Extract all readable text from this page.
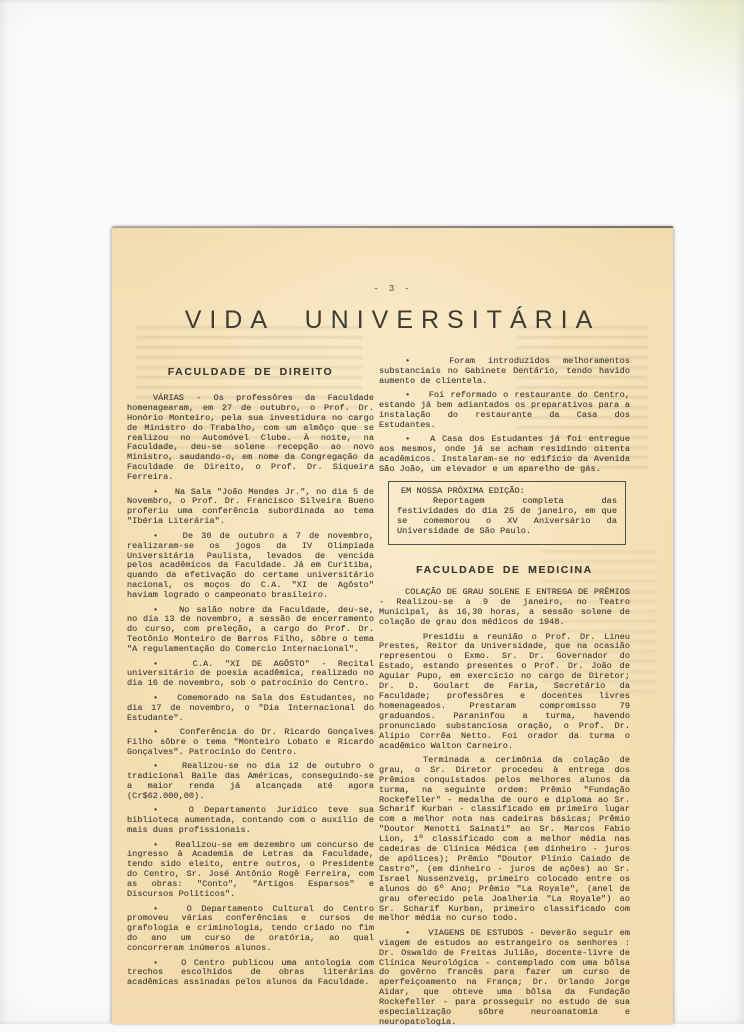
- 3 -
VIDA UNIVERSITÁRIA
FACULDADE DE DIREITO

VÁRIAS - Os professôres da Faculdade homenagearam, em 27 de outubro, o Prof. Dr. Honório Monteiro, pela sua investidura no cargo de Ministro do Trabalho, com um almôço que se realizou no Automóvel Clube. À noite, na Faculdade, deu-se solene recepção ao novo Ministro, saudando-o, em nome da Congregação da Faculdade de Direito, o Prof. Dr. Siqueira Ferreira.

•   Na Sala "João Mendes Jr.", no dia 5 de Novembro, o Prof. Dr. Francisco Silveira Bueno proferiu uma conferência subordinada ao tema "Ibéria Literária".

•   De 30 de outubro a 7 de novembro, realizaram-se os jogos da IV Olimpíada Universitária Paulista, levados de vencida pelos acadêmicos da Faculdade. Já em Curitiba, quando da efetivação do certame universitário nacional, os moços do C.A. "XI de Agôsto" haviam logrado o campeonato brasileiro.

•   No salão nobre da Faculdade, deu-se, no dia 13 de novembro, a sessão de encerramento do curso, com preleção, a cargo do Prof. Dr. Teotônio Monteiro de Barros Filho, sôbre o tema "A regulamentação do Comercio Internacional".

•   C.A. "XI DE AGÔSTO" - Recital universitário de poesia acadêmica, realizado no dia 16 de novembro, sob o patrocínio do Centro.

•   Comemorado na Sala dos Estudantes, no dia 17 de novembro, o "Dia Internacional do Estudante".

•   Conferência do Dr. Ricardo Gonçalves Filho sôbre o tema "Monteiro Lobato e Ricardo Gonçalves". Patrocínio do Centro.

•   Realizou-se no dia 12 de outubro o tradicional Baile das Américas, conseguindo-se a maior renda já alcançada até agora (Cr$62.000,00).

•   O Departamento Jurídico teve sua biblioteca aumentada, contando com o auxílio de mais duas profissionais.

•   Realizou-se em dezembro um concurso de ingresso à Academia de Letras da Faculdade, tendo sido eleito, entre outros, o Presidente do Centro, Sr. José Antônio Rogê Ferreira, com as obras: "Conto", "Artigos Esparsos" e Discursos Políticos".

•   O Departamento Cultural do Centro promoveu várias conferências e cursos de grafologia e criminologia, tendo criado no fim do ano um curso de oratória, ao qual concorreram inúmeros alunos.

•   O Centro publicou uma antologia com trechos escolhidos de obras literárias acadêmicas assinadas pelos alunos da Faculdade.

•   Foram introduzidos melhoramentos substanciais no Gabinete Dentário, tendo havido aumento de clientela.

•   Foi reformado o restaurante do Centro, estando já bem adiantados os preparativos para a instalação do restaurante da Casa dos Estudantes.

•   A Casa dos Estudantes já foi entregue aos mesmos, onde já se acham residindo oitenta acadêmicos. Instalaram-se no edifício da Avenida São João, um elevador e um aparelho de gás.

EM NOSSA PRÓXIMA EDIÇÃO:

Reportagem completa das festividades do dia 25 de janeiro, em que se comemorou o XV Aniversário da Universidade de São Paulo.

FACULDADE DE MEDICINA

COLAÇÃO DE GRAU SOLENE E ENTREGA DE PRÊMIOS - Realizou-se a 9 de janeiro, no Teatro Municipal, às 16,30 horas, a sessão solene de colação de grau dos médicos de 1948.

Presidiu a reunião o Prof. Dr. Lineu Prestes, Reitor da Universidade, que na ocasião representou o Exmo. Sr. Dr. Governador do Estado, estando presentes o Prof. Dr. João de Aguiar Pupo, em exercício no cargo de Diretor; Dr. D. Goulart de Faria, Secretário da Faculdade; professôres e docentes livres homenageados. Prestaram compromisso 79 graduandos. Paraninfou a turma, havendo pronunciado substanciosa oração, o Prof. Dr. Alípio Corrêa Netto. Foi orador da turma o acadêmico Walton Carneiro.

Terminada a cerimônia da colação de grau, o Sr. Diretor procedeu à entrega dos Prêmios conquistados pelos melhores alunos da turma, na seguinte ordem: Prêmio "Fundação Rockefeller" - medalha de ouro e diploma ao Sr. Scharif Kurban - classificado em primeiro lugar com a melhor nota nas cadeiras básicas; Prêmio "Doutor Menotti Sainati" ao Sr. Marcos Fabio Lion, 1º classificado com a melhor média nas cadeiras de Clínica Médica (em dinheiro - juros de apólices); Prêmio "Doutor Plínio Caiado de Castro", (em dinheiro - juros de ações) ao Sr. Israel Nussenzveig, primeiro colocado entre os alunos do 6º Ano; Prêmio "La Royale", (anel de grau oferecido pela Joalheria "La Royale") ao Sr. Scharif Kurban, primeiro classificado com melhor média no curso todo.

•   VIAGENS DE ESTUDOS - Deverão seguir em viagem de estudos ao estrangeiro os senhores : Dr. Oswaldo de Freitas Julião, docente-livre de Clínica Neurológica - contemplado com uma bôlsa do govêrno francês para fazer um curso de aperfeiçoamento na França; Dr. Orlando Jorge Aidar, que obteve uma bôlsa da Fundação Rockefeller - para prosseguir no estudo de sua especialização sôbre neuroanatomia e neuropatologia.
